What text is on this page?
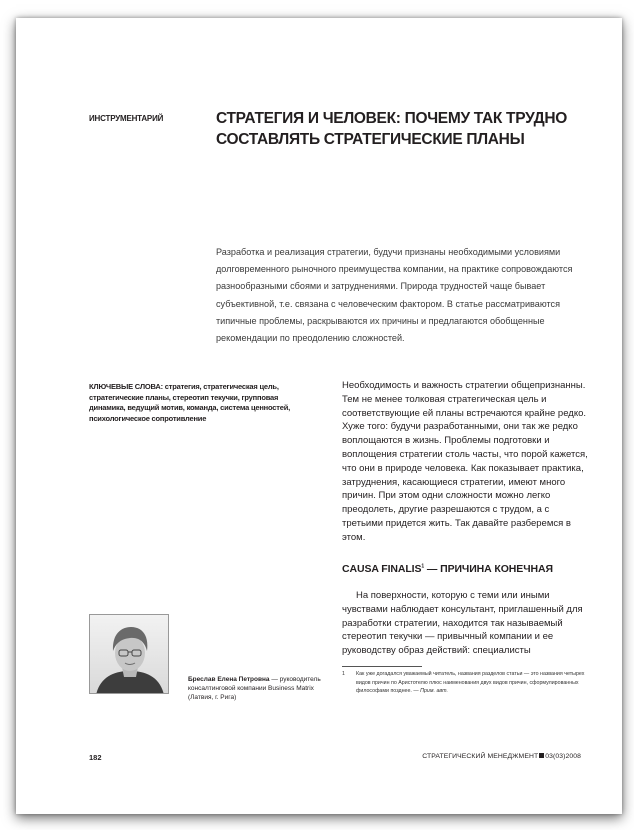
ИНСТРУМЕНТАРИЙ	СТРАТЕГИЯ И ЧЕЛОВЕК: ПОЧЕМУ ТАК ТРУДНО СОСТАВЛЯТЬ СТРАТЕГИЧЕСКИЕ ПЛАНЫ

Разработка и реализация стратегии, будучи признаны необходимыми условиями долговременного рыночного преимущества компании, на практике сопровождаются разнообразными сбоями и затруднениями. Природа трудностей чаще бывает субъективной, т.е. связана с человеческим фактором. В статье рассматриваются типичные проблемы, раскрываются их причины и предлагаются обобщенные рекомендации по преодолению сложностей.

КЛЮЧЕВЫЕ СЛОВА: стратегия, стратегическая цель, стратегические планы, стереотип текучки, групповая динамика, ведущий мотив, команда, система ценностей, психологическое сопротивление

Необходимость и важность стратегии общепризнанны. Тем не менее толковая стратегическая цель и соответствующие ей планы встречаются крайне редко. Хуже того: будучи разработанными, они так же редко воплощаются в жизнь. Проблемы подготовки и воплощения стратегии столь часты, что порой кажется, что они в природе человека. Как показывает практика, затруднения, касающиеся стратегии, имеют много причин. При этом одни сложности можно легко преодолеть, другие разрешаются с трудом, а с третьими придется жить. Так давайте разберемся в этом.

CAUSA FINALIS$^1$ — ПРИЧИНА КОНЕЧНАЯ

На поверхности, которую с теми или иными чувствами наблюдает консультант, приглашенный для разработки стратегии, находится так называемый стереотип текучки — привычный компании и ее руководству образ действий: специалисты

1	Как уже догадался уважаемый читатель, названия разделов статьи — это названия четырех видов причин по Аристотелю плюс наименования двух видов причин, сформулированных философами позднее. — Прим. авт.

Бреслав Елена Петровна — руководитель консалтинговой компании Business Matrix (Латвия, г. Рига)

182	СТРАТЕГИЧЕСКИЙ МЕНЕДЖМЕНТ 03(03)2008
